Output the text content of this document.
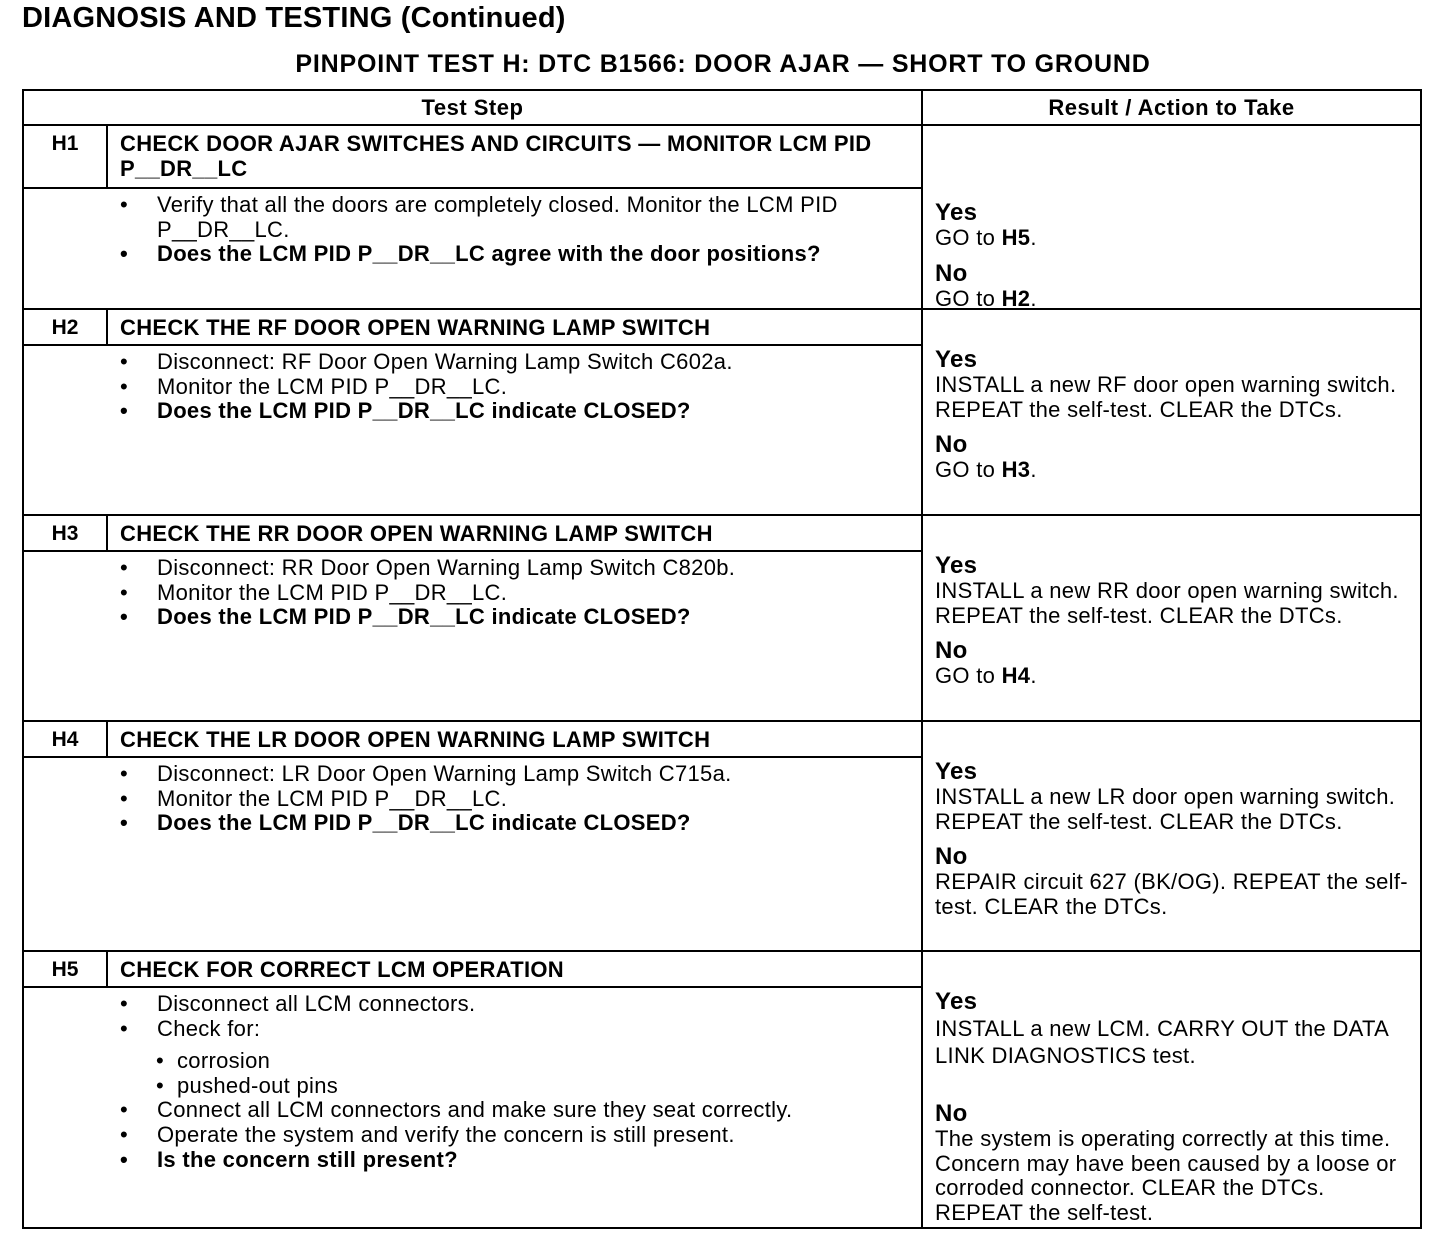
DIAGNOSIS AND TESTING (Continued)
PINPOINT TEST H: DTC B1566: DOOR AJAR — SHORT TO GROUND
Test Step	Result / Action to Take
H1	CHECK DOOR AJAR SWITCHES AND CIRCUITS — MONITOR LCM PID P__DR__LC
• Verify that all the doors are completely closed. Monitor the LCM PID P__DR__LC.
• Does the LCM PID P__DR__LC agree with the door positions?
Yes
GO to H5.
No
GO to H2.
H2	CHECK THE RF DOOR OPEN WARNING LAMP SWITCH
• Disconnect: RF Door Open Warning Lamp Switch C602a.
• Monitor the LCM PID P__DR__LC.
• Does the LCM PID P__DR__LC indicate CLOSED?
Yes
INSTALL a new RF door open warning switch. REPEAT the self-test. CLEAR the DTCs.
No
GO to H3.
H3	CHECK THE RR DOOR OPEN WARNING LAMP SWITCH
• Disconnect: RR Door Open Warning Lamp Switch C820b.
• Monitor the LCM PID P__DR__LC.
• Does the LCM PID P__DR__LC indicate CLOSED?
Yes
INSTALL a new RR door open warning switch. REPEAT the self-test. CLEAR the DTCs.
No
GO to H4.
H4	CHECK THE LR DOOR OPEN WARNING LAMP SWITCH
• Disconnect: LR Door Open Warning Lamp Switch C715a.
• Monitor the LCM PID P__DR__LC.
• Does the LCM PID P__DR__LC indicate CLOSED?
Yes
INSTALL a new LR door open warning switch. REPEAT the self-test. CLEAR the DTCs.
No
REPAIR circuit 627 (BK/OG). REPEAT the self-test. CLEAR the DTCs.
H5	CHECK FOR CORRECT LCM OPERATION
• Disconnect all LCM connectors.
• Check for:
• corrosion
• pushed-out pins
• Connect all LCM connectors and make sure they seat correctly.
• Operate the system and verify the concern is still present.
• Is the concern still present?
Yes
INSTALL a new LCM. CARRY OUT the DATA LINK DIAGNOSTICS test.
No
The system is operating correctly at this time. Concern may have been caused by a loose or corroded connector. CLEAR the DTCs. REPEAT the self-test.
